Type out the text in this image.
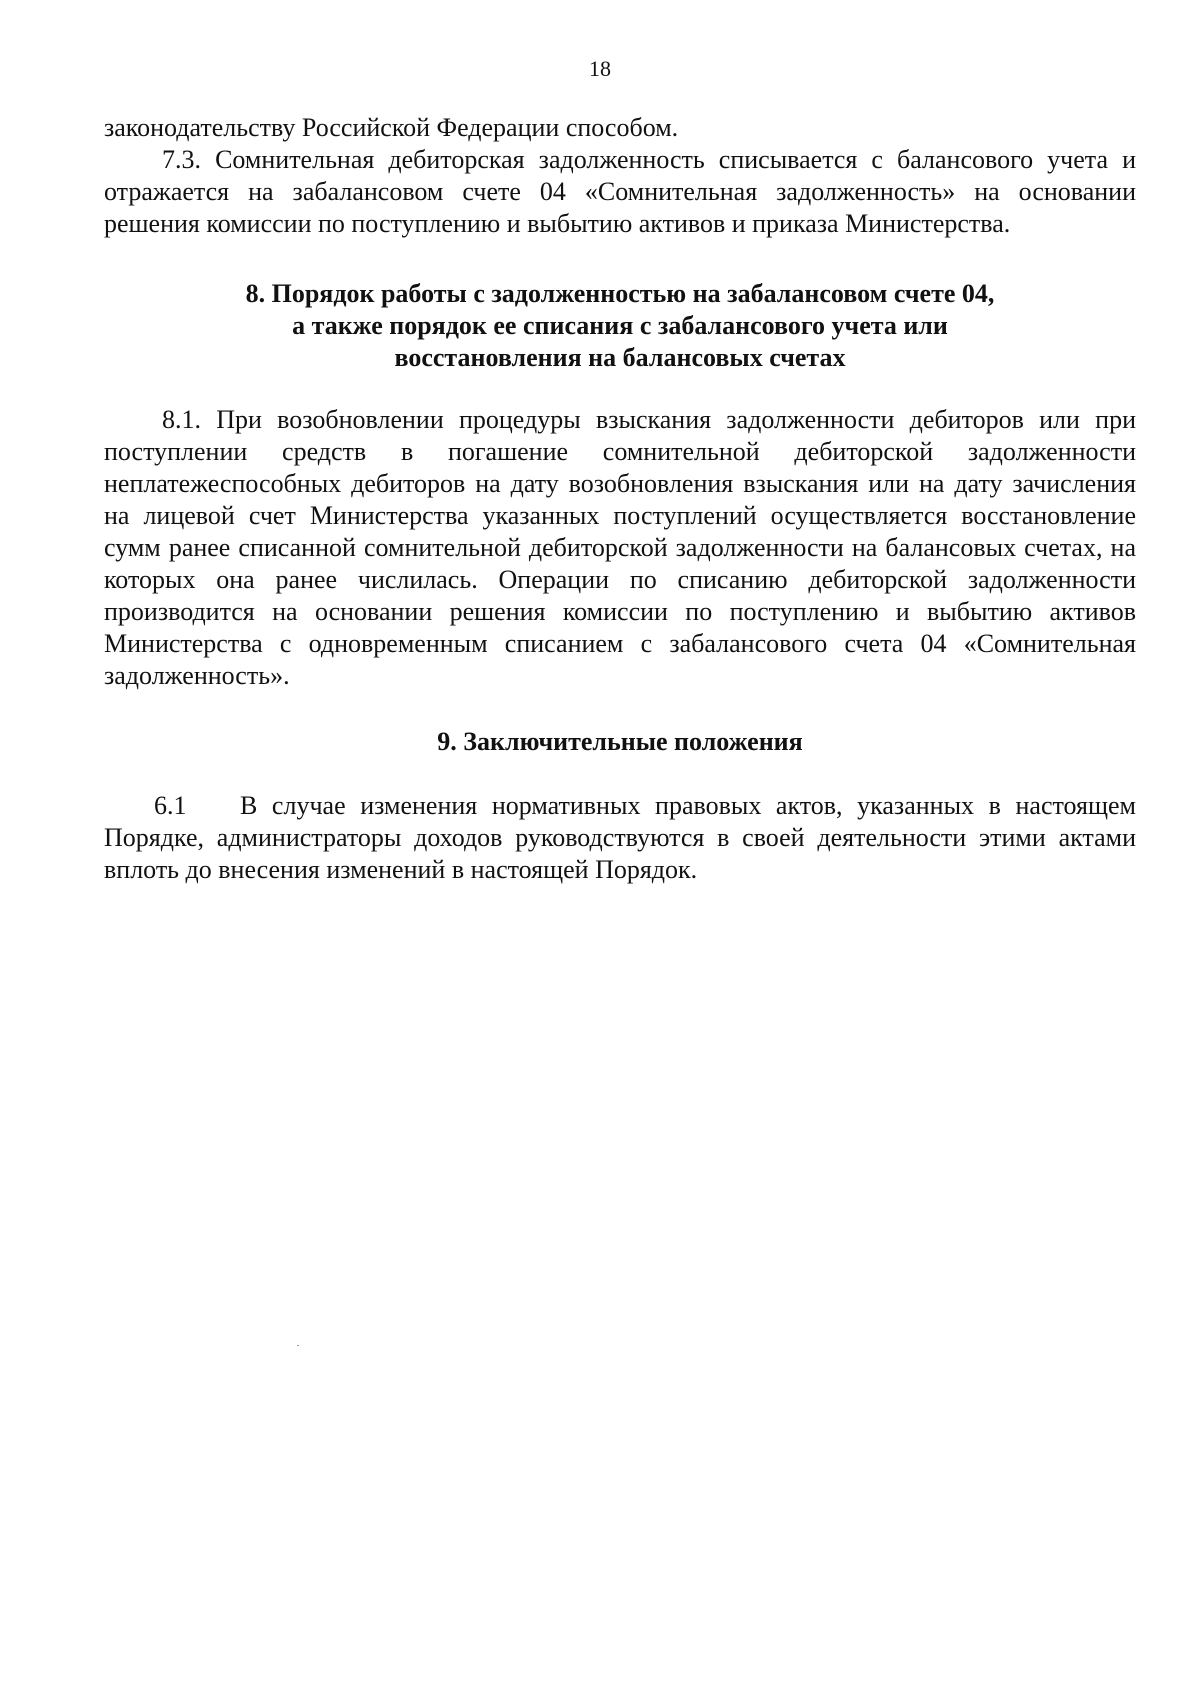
18

законодательству Российской Федерации способом.

7.3. Сомнительная дебиторская задолженность списывается с балансового учета и отражается на забалансовом счете 04 «Сомнительная задолженность» на основании решения комиссии по поступлению и выбытию активов и приказа Министерства.

8. Порядок работы с задолженностью на забалансовом счете 04,
а также порядок ее списания с забалансового учета или
восстановления на балансовых счетах

8.1. При возобновлении процедуры взыскания задолженности дебиторов или при поступлении средств в погашение сомнительной дебиторской задолженности неплатежеспособных дебиторов на дату возобновления взыскания или на дату зачисления на лицевой счет Министерства указанных поступлений осуществляется восстановление сумм ранее списанной сомнительной дебиторской задолженности на балансовых счетах, на которых она ранее числилась. Операции по списанию дебиторской задолженности производится на основании решения комиссии по поступлению и выбытию активов Министерства с одновременным списанием с забалансового счета 04 «Сомнительная задолженность».

9. Заключительные положения

6.1 В случае изменения нормативных правовых актов, указанных в настоящем Порядке, администраторы доходов руководствуются в своей деятельности этими актами вплоть до внесения изменений в настоящей Порядок.
